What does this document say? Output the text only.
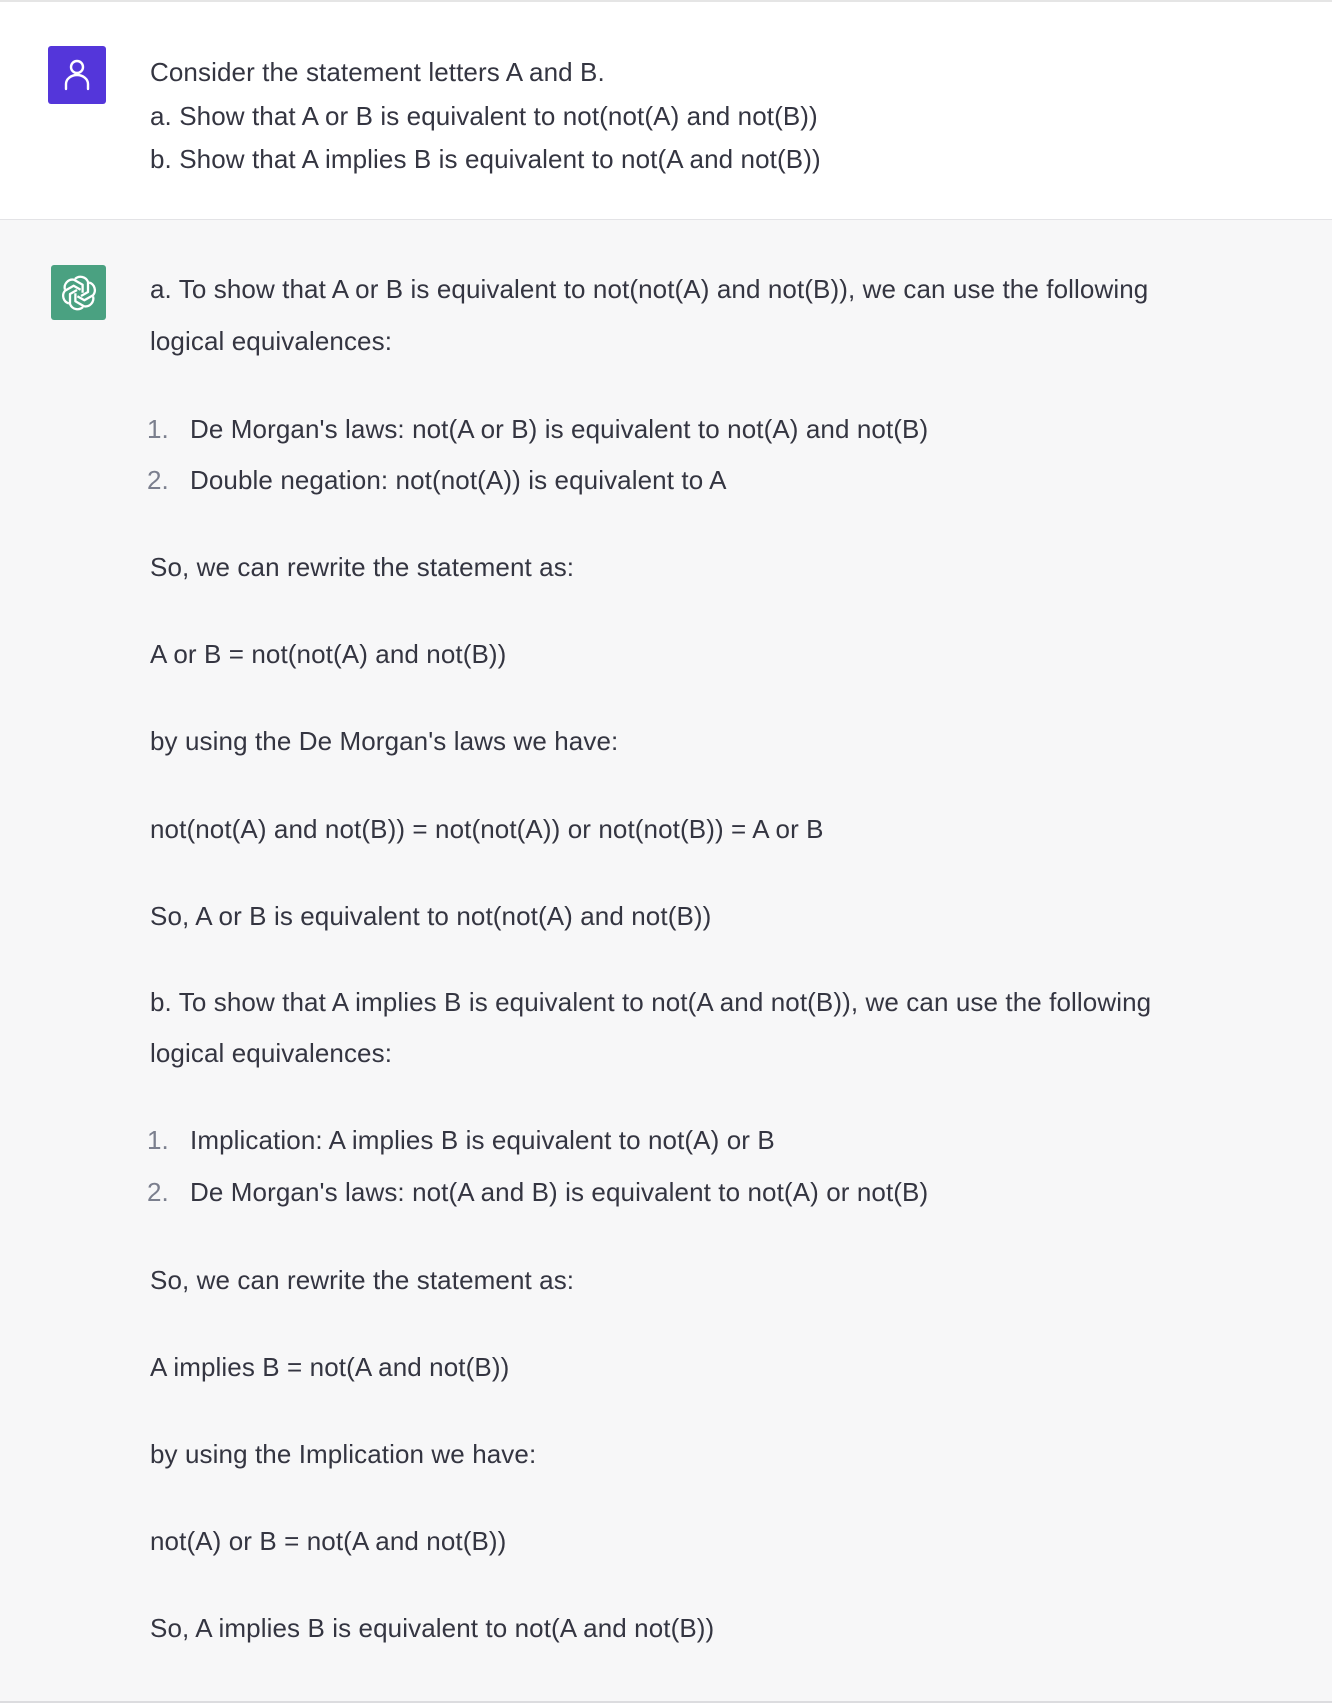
Consider the statement letters A and B.
a. Show that A or B is equivalent to not(not(A) and not(B))
b. Show that A implies B is equivalent to not(A and not(B))
a. To show that A or B is equivalent to not(not(A) and not(B)), we can use the following
logical equivalences:
1. De Morgan's laws: not(A or B) is equivalent to not(A) and not(B)
2. Double negation: not(not(A)) is equivalent to A
So, we can rewrite the statement as:
A or B = not(not(A) and not(B))
by using the De Morgan's laws we have:
not(not(A) and not(B)) = not(not(A)) or not(not(B)) = A or B
So, A or B is equivalent to not(not(A) and not(B))
b. To show that A implies B is equivalent to not(A and not(B)), we can use the following
logical equivalences:
1. Implication: A implies B is equivalent to not(A) or B
2. De Morgan's laws: not(A and B) is equivalent to not(A) or not(B)
So, we can rewrite the statement as:
A implies B = not(A and not(B))
by using the Implication we have:
not(A) or B = not(A and not(B))
So, A implies B is equivalent to not(A and not(B))
